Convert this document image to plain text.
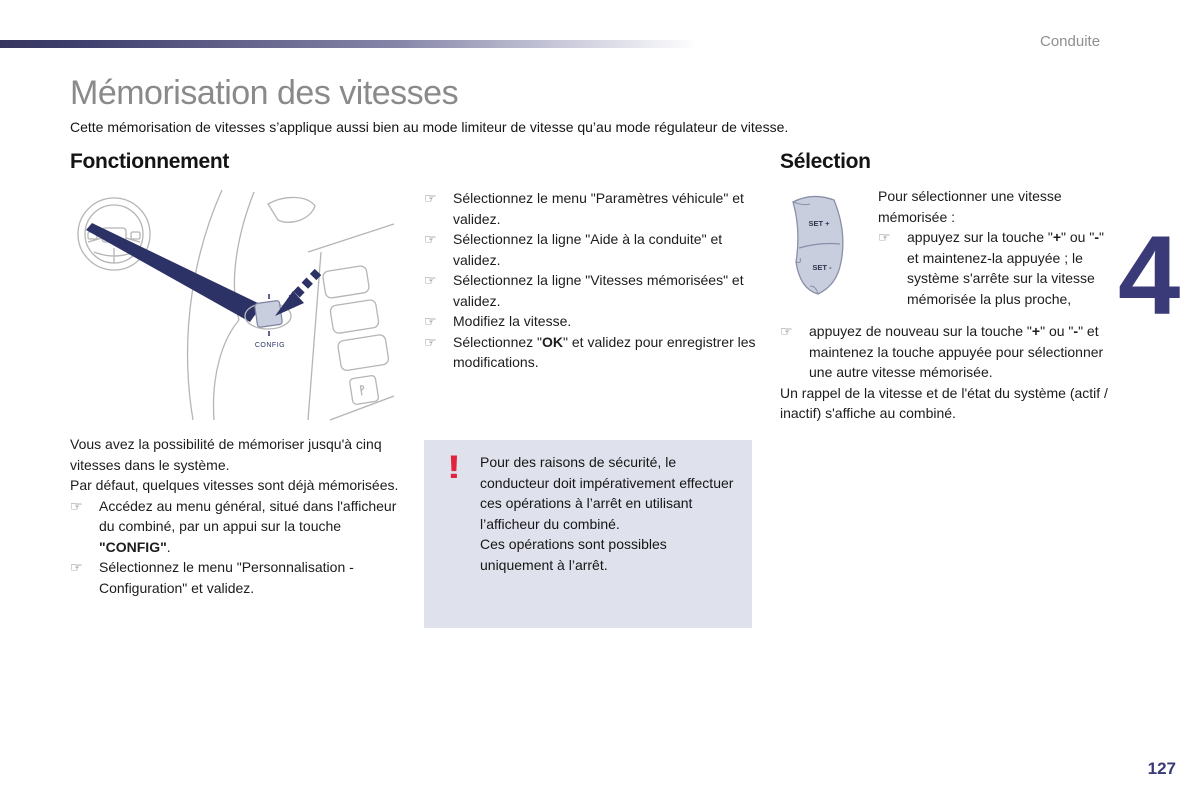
Conduite
Mémorisation des vitesses
Cette mémorisation de vitesses s’applique aussi bien au mode limiteur de vitesse qu’au mode régulateur de vitesse.
Fonctionnement	Sélection
CONFIG

Vous avez la possibilité de mémoriser jusqu'à cinq vitesses dans le système.

Par défaut, quelques vitesses sont déjà mémorisées.

☞	Accédez au menu général, situé dans l'afficheur du combiné, par un appui sur la touche "CONFIG".
☞	Sélectionnez le menu "Personnalisation - Configuration" et validez.
☞	Sélectionnez le menu "Paramètres véhicule" et validez.
☞	Sélectionnez la ligne "Aide à la conduite" et validez.
☞	Sélectionnez la ligne "Vitesses mémorisées" et validez.
☞	Modifiez la vitesse.
☞	Sélectionnez "OK" et validez pour enregistrer les modifications.
!	Pour des raisons de sécurité, le conducteur doit impérativement effectuer ces opérations à l’arrêt en utilisant l’afficheur du combiné.

Ces opérations sont possibles uniquement à l’arrêt.

SET +
SET -

Pour sélectionner une vitesse mémorisée :

☞	appuyez sur la touche "+" ou "-" et maintenez-la appuyée ; le système s'arrête sur la vitesse mémorisée la plus proche,
☞	appuyez de nouveau sur la touche "+" ou "-" et maintenez la touche appuyée pour sélectionner une autre vitesse mémorisée.

Un rappel de la vitesse et de l'état du système (actif / inactif) s'affiche au combiné.

4
127
